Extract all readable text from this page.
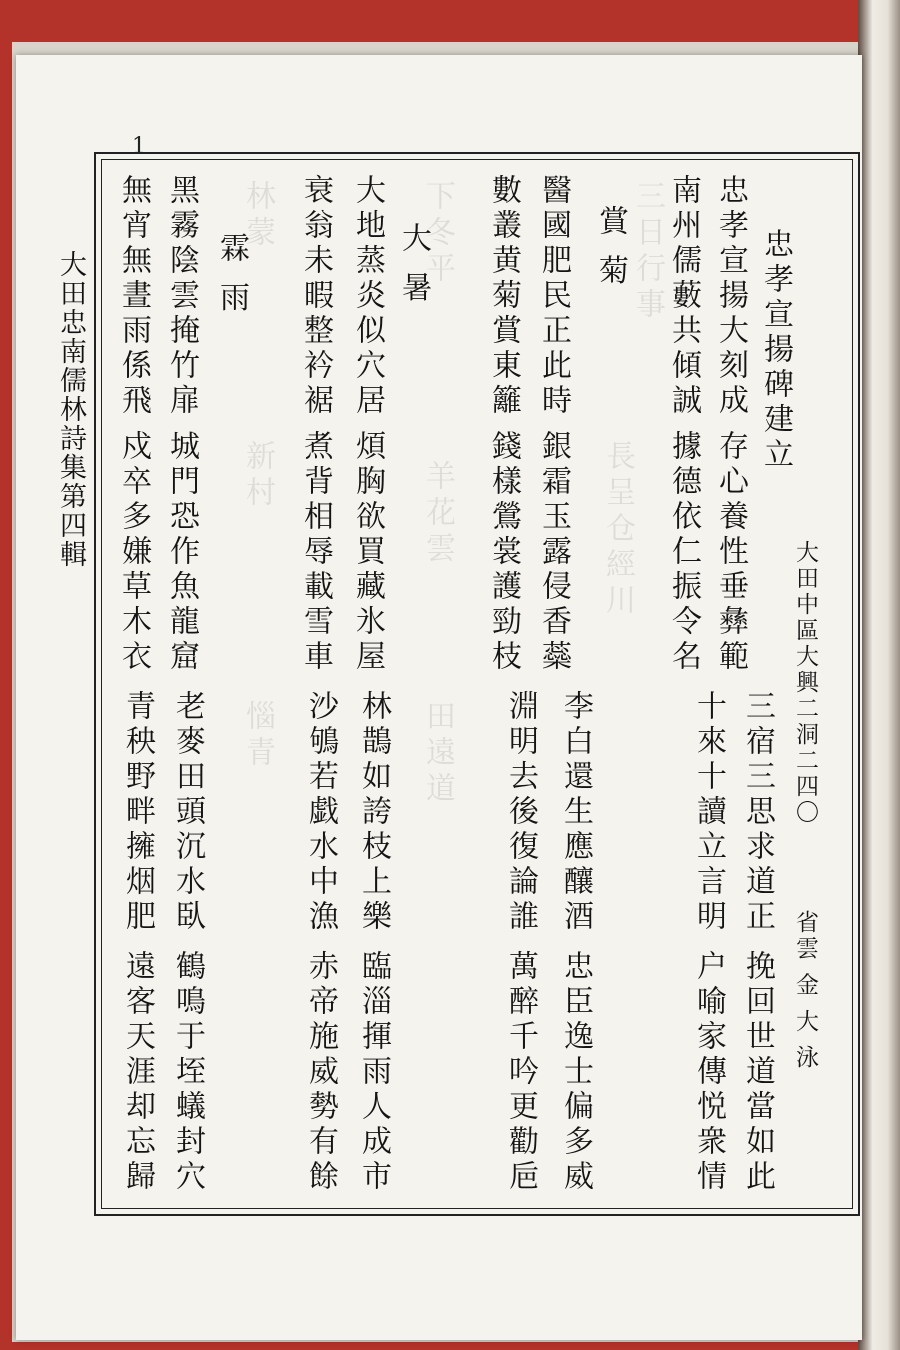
三日行事
長呈仓經川
下冬平
羊花雲
田遠道
林蒙
新村
惱青
1
大田忠南儒林詩集第四輯	忠孝宣揚碑建立
大田中區大興二洞二四〇
省雲 金 大 泳
忠孝宣揚大刻成
存心養性垂彝範
三宿三思求道正
挽回世道當如此
南州儒藪共傾誠
據德依仁振令名
十來十讀立言明
户喻家傳悦衆情
賞 菊
醫國肥民正此時
銀霜玉露侵香蘂
李白還生應釀酒
忠臣逸士偏多威
數叢黄菊賞東籬
錢樣鶯裳護勁枝
淵明去後復論誰
萬醉千吟更勸巵
大 暑
大地蒸炎似穴居
煩胸欲買藏氷屋
林鵲如誇枝上樂
臨淄揮雨人成市
衰翁未暇整衿裾
煮背相辱載雪車
沙鴝若戯水中漁
赤帝施威勢有餘
霖 雨
黑霧陰雲掩竹扉
城門恐作魚龍窟
老麥田頭沉水臥
鶴鳴于垤蟻封穴
無宵無晝雨係飛
戍卒多嫌草木衣
青秧野畔擁烟肥
遠客天涯却忘歸
